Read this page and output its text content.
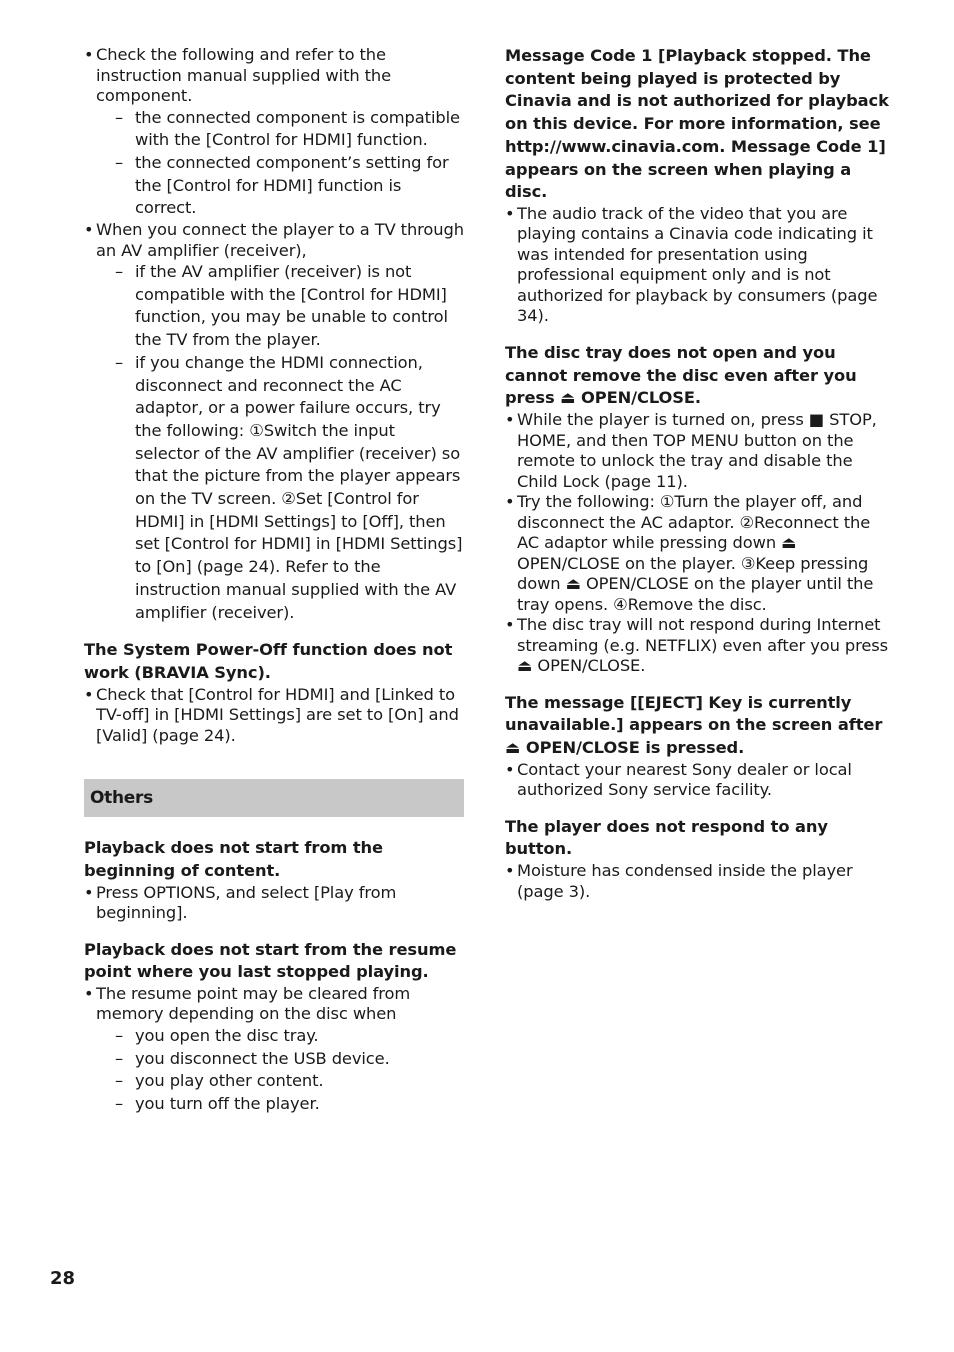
• Check the following and refer to the instruction manual supplied with the component.

– the connected component is compatible with the [Control for HDMI] function.

– the connected component’s setting for the [Control for HDMI] function is correct.

• When you connect the player to a TV through an AV amplifier (receiver),

– if the AV amplifier (receiver) is not compatible with the [Control for HDMI] function, you may be unable to control the TV from the player.

– if you change the HDMI connection, disconnect and reconnect the AC adaptor, or a power failure occurs, try the following: ①Switch the input selector of the AV amplifier (receiver) so that the picture from the player appears on the TV screen. ②Set [Control for HDMI] in [HDMI Settings] to [Off], then set [Control for HDMI] in [HDMI Settings] to [On] (page 24). Refer to the instruction manual supplied with the AV amplifier (receiver).

The System Power-Off function does not work (BRAVIA Sync).

• Check that [Control for HDMI] and [Linked to TV-off] in [HDMI Settings] are set to [On] and [Valid] (page 24).

Others

Playback does not start from the beginning of content.

• Press OPTIONS, and select [Play from beginning].

Playback does not start from the resume point where you last stopped playing.

• The resume point may be cleared from memory depending on the disc when

– you open the disc tray.

– you disconnect the USB device.

– you play other content.

– you turn off the player.

Message Code 1 [Playback stopped. The content being played is protected by Cinavia and is not authorized for playback on this device. For more information, see http://www.cinavia.com. Message Code 1] appears on the screen when playing a disc.

• The audio track of the video that you are playing contains a Cinavia code indicating it was intended for presentation using professional equipment only and is not authorized for playback by consumers (page 34).

The disc tray does not open and you cannot remove the disc even after you press ⏏ OPEN/CLOSE.

• While the player is turned on, press ■ STOP, HOME, and then TOP MENU button on the remote to unlock the tray and disable the Child Lock (page 11).

• Try the following: ①Turn the player off, and disconnect the AC adaptor. ②Reconnect the AC adaptor while pressing down ⏏ OPEN/CLOSE on the player. ③Keep pressing down ⏏ OPEN/CLOSE on the player until the tray opens. ④Remove the disc.

• The disc tray will not respond during Internet streaming (e.g. NETFLIX) even after you press ⏏ OPEN/CLOSE.

The message [[EJECT] Key is currently unavailable.] appears on the screen after ⏏ OPEN/CLOSE is pressed.

• Contact your nearest Sony dealer or local authorized Sony service facility.

The player does not respond to any button.

• Moisture has condensed inside the player (page 3).

28
